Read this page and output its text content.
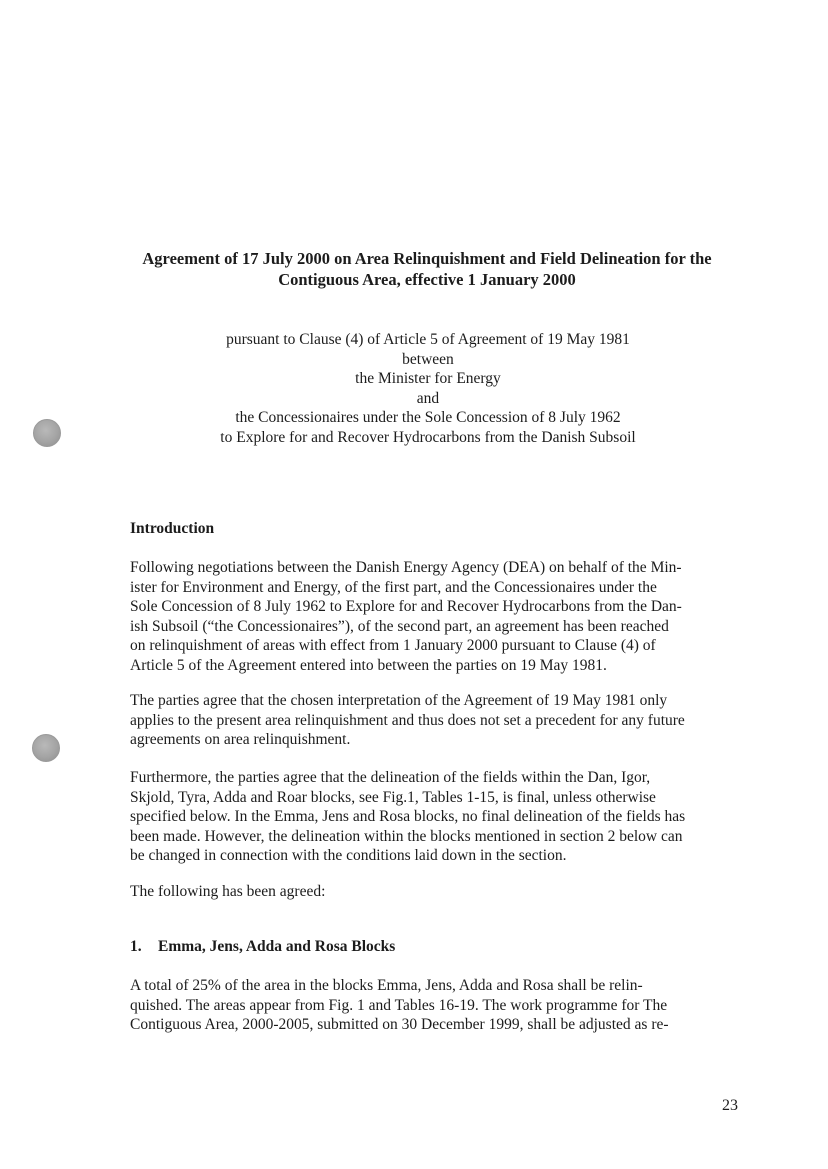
Agreement of 17 July 2000 on Area Relinquishment and Field Delineation for the
Contiguous Area, effective 1 January 2000
pursuant to Clause (4) of Article 5 of Agreement of 19 May 1981
between
the Minister for Energy
and
the Concessionaires under the Sole Concession of 8 July 1962
to Explore for and Recover Hydrocarbons from the Danish Subsoil
Introduction
Following negotiations between the Danish Energy Agency (DEA) on behalf of the Min-
ister for Environment and Energy, of the first part, and the Concessionaires under the
Sole Concession of 8 July 1962 to Explore for and Recover Hydrocarbons from the Dan-
ish Subsoil (“the Concessionaires”), of the second part, an agreement has been reached
on relinquishment of areas with effect from 1 January 2000 pursuant to Clause (4) of
Article 5 of the Agreement entered into between the parties on 19 May 1981.
The parties agree that the chosen interpretation of the Agreement of 19 May 1981 only
applies to the present area relinquishment and thus does not set a precedent for any future
agreements on area relinquishment.
Furthermore, the parties agree that the delineation of the fields within the Dan, Igor,
Skjold, Tyra, Adda and Roar blocks, see Fig.1, Tables 1-15, is final, unless otherwise
specified below. In the Emma, Jens and Rosa blocks, no final delineation of the fields has
been made. However, the delineation within the blocks mentioned in section 2 below can
be changed in connection with the conditions laid down in the section.
The following has been agreed:
1. Emma, Jens, Adda and Rosa Blocks
A total of 25% of the area in the blocks Emma, Jens, Adda and Rosa shall be relin-
quished. The areas appear from Fig. 1 and Tables 16-19. The work programme for The
Contiguous Area, 2000-2005, submitted on 30 December 1999, shall be adjusted as re-
23
